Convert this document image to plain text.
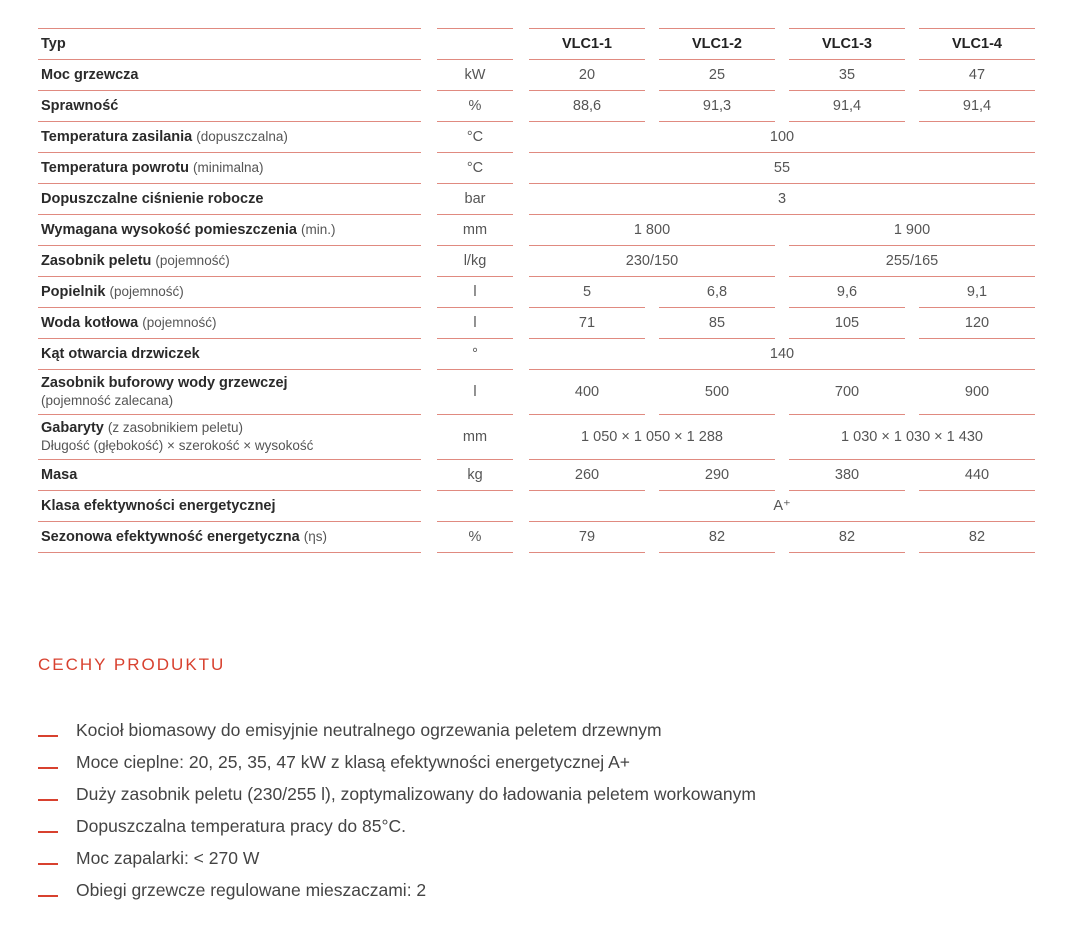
Typ				VLC1-1		VLC1-2		VLC1-3		VLC1-4
Moc grzewcza		kW		20		25		35		47
Sprawność		%		88,6		91,3		91,4		91,4
Temperatura zasilania (dopuszczalna)		°C		100						
Temperatura powrotu (minimalna)		°C		55						
Dopuszczalne ciśnienie robocze		bar		3						
Wymagana wysokość pomieszczenia (min.)		mm		1 800				1 900		
Zasobnik peletu (pojemność)		l/kg		230/150				255/165		
Popielnik (pojemność)		l		5		6,8		9,6		9,1
Woda kotłowa (pojemność)		l		71		85		105		120
Kąt otwarcia drzwiczek		°		140						
Zasobnik buforowy wody grzewczej
(pojemność zalecana)		l		400		500		700		900
Gabaryty (z zasobnikiem peletu)
Długość (głębokość) × szerokość × wysokość		mm		1 050 × 1 050 × 1 288				1 030 × 1 030 × 1 430		
Masa		kg		260		290		380		440
Klasa efektywności energetycznej				A⁺						
Sezonowa efektywność energetyczna (ηs)		%		79		82		82		82
CECHY PRODUKTU
Kocioł biomasowy do emisyjnie neutralnego ogrzewania peletem drzewnym
Moce cieplne: 20, 25, 35, 47 kW z klasą efektywności energetycznej A+
Duży zasobnik peletu (230/255 l), zoptymalizowany do ładowania peletem workowanym
Dopuszczalna temperatura pracy do 85°C.
Moc zapalarki: < 270 W
Obiegi grzewcze regulowane mieszaczami: 2
